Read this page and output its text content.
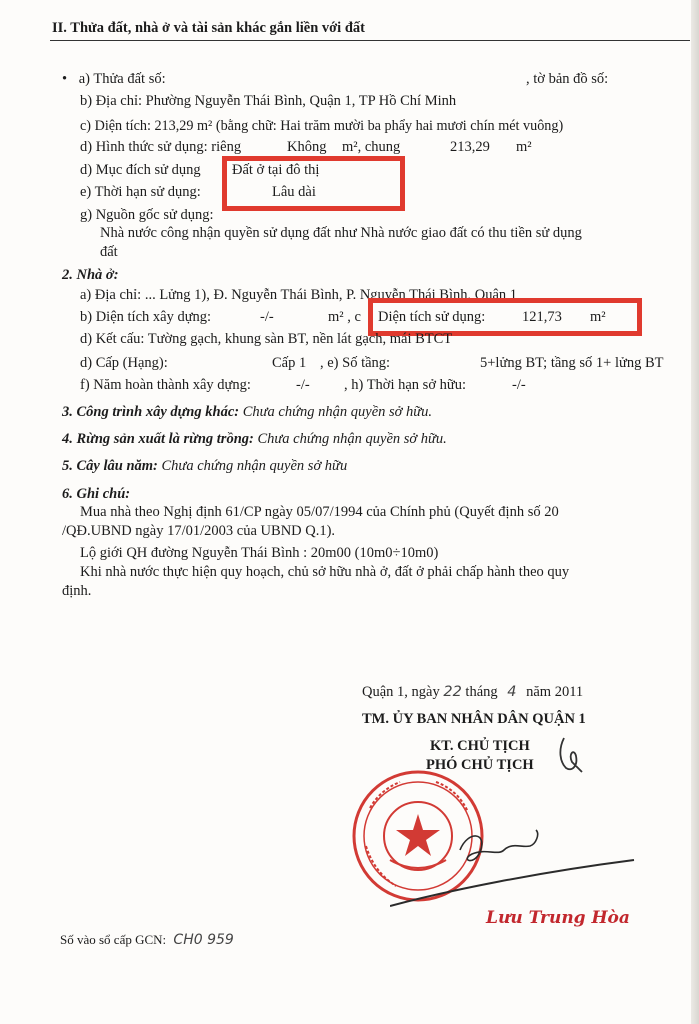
II. Thửa đất, nhà ở và tài sản khác gắn liền với đất
• a) Thửa đất số:	, tờ bản đồ số:
b) Địa chỉ: Phường Nguyễn Thái Bình, Quận 1, TP Hồ Chí Minh
c) Diện tích: 213,29 m² (bằng chữ: Hai trăm mười ba phẩy hai mươi chín mét vuông)
d) Hình thức sử dụng: riêng	Không m², chung	213,29 m²
d) Mục đích sử dụng Đất ở tại đô thị
e) Thời hạn sử dụng:	Lâu dài
g) Nguồn gốc sử dụng:
Nhà nước công nhận quyền sử dụng đất như Nhà nước giao đất có thu tiền sử dụng
đất
2. Nhà ở:
a) Địa chỉ: ... Lửng 1), Đ. Nguyễn Thái Bình, P. Nguyễn Thái Bình, Quận 1
b) Diện tích xây dựng:	-/-	m² , c Diện tích sử dụng:	121,73 m²
d) Kết cấu: Tường gạch, khung sàn BT, nền lát gạch, mái BTCT
d) Cấp (Hạng):	Cấp 1 , e) Số tầng:	5+lửng BT; tầng số 1+ lửng BT
f) Năm hoàn thành xây dựng:	-/- , h) Thời hạn sở hữu:	-/-
3. Công trình xây dựng khác: Chưa chứng nhận quyền sở hữu.
4. Rừng sản xuất là rừng trồng: Chưa chứng nhận quyền sở hữu.
5. Cây lâu năm: Chưa chứng nhận quyền sở hữu
6. Ghi chú:
Mua nhà theo Nghị định 61/CP ngày 05/07/1994 của Chính phủ (Quyết định số 20
/QĐ.UBND ngày 17/01/2003 của UBND Q.1).
Lộ giới QH đường Nguyễn Thái Bình : 20m00 (10m0÷10m0)
Khi nhà nước thực hiện quy hoạch, chủ sở hữu nhà ở, đất ở phải chấp hành theo quy
định.
Quận 1, ngày 22 tháng 4 năm 2011
TM. ỦY BAN NHÂN DÂN QUẬN 1
KT. CHỦ TỊCH
PHÓ CHỦ TỊCH
Lưu Trung Hòa
Số vào sổ cấp GCN: CH0 959
